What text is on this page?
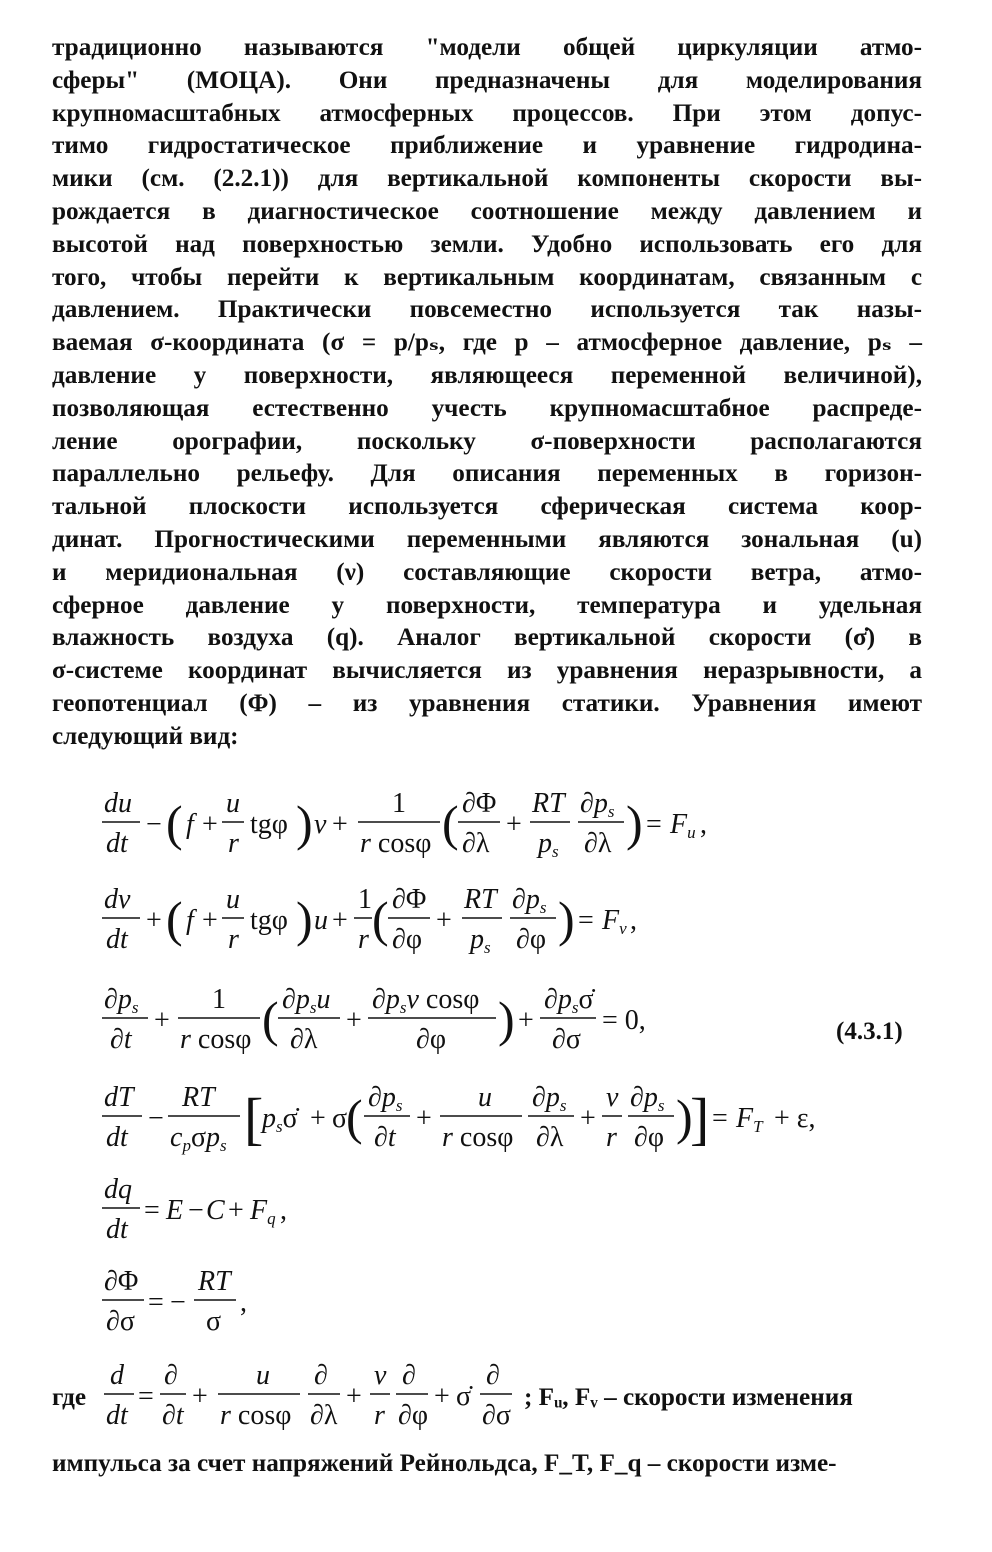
традиционно называются "модели общей циркуляции атмо-
сферы" (МОЦА). Они предназначены для моделирования
крупномасштабных атмосферных процессов. При этом допус-
тимо гидростатическое приближение и уравнение гидродина-
мики (см. (2.2.1)) для вертикальной компоненты скорости вы-
рождается в диагностическое соотношение между давлением и
высотой над поверхностью земли. Удобно использовать его для
того, чтобы перейти к вертикальным координатам, связанным с
давлением. Практически повсеместно используется так назы-
ваемая σ-координата (σ = p/pₛ, где p – атмосферное давление, pₛ –
давление у поверхности, являющееся переменной величиной),
позволяющая естественно учесть крупномасштабное распреде-
ление орографии, поскольку σ-поверхности располагаются
параллельно рельефу. Для описания переменных в горизон-
тальной плоскости используется сферическая система коор-
динат. Прогностическими переменными являются зональная (u)
и меридиональная (ν) составляющие скорости ветра, атмо-
сферное давление у поверхности, температура и удельная
влажность воздуха (q). Аналог вертикальной скорости (σ̇) в
σ-системе координат вычисляется из уравнения неразрывности, а
геопотенциал (Φ) – из уравнения статики. Уравнения имеют
следующий вид:
du
dt
− ( f +
u
r
tgφ ) ν +
1
r cosφ ( ∂Φ
∂λ
+
RT
ps
∂ps
∂λ ) = Fu ,
dν
dt
+ ( f +
u
r
tgφ ) u +
1
r ( ∂Φ
∂φ
+
RT
ps
∂ps
∂φ ) = Fν ,
∂ps
∂t
+
1
r cosφ ( ∂psu
∂λ
+
∂psν cosφ
∂φ ) +
∂psσ̇
∂σ
= 0,
dT
dt
−
RT
cpσps [
psσ̇ + σ
( ∂ps
∂t
+
u
r cosφ
∂ps
∂λ
+
ν
r
∂ps
∂φ )
] = FT + ε,
dq
dt
= E − C + Fq ,
∂Φ
∂σ
= −
RT
σ
,
d
dt
=
∂
∂t
+
u
r cosφ
∂
∂λ
+
ν
r
∂
∂φ
+ σ̇
∂
∂σ
(4.3.1)
где	; Fᵤ, Fᵥ – скорости изменения
импульса за счет напряжений Рейнольдса, F_T, F_q – скорости изме-
